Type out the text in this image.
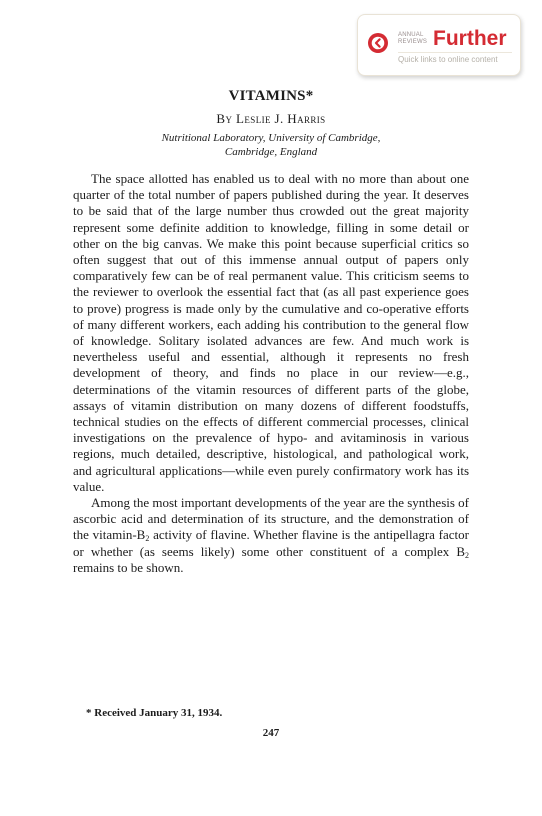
ANNUAL
REVIEWS Further
Quick links to online content
VITAMINS*
By Leslie J. Harris
Nutritional Laboratory, University of Cambridge,
Cambridge, England

The space allotted has enabled us to deal with no more than about one quarter of the total number of papers published during the year. It deserves to be said that of the large number thus crowded out the great majority represent some definite addition to knowledge, filling in some detail or other on the big canvas. We make this point because superficial critics so often suggest that out of this immense annual output of papers only comparatively few can be of real permanent value. This criticism seems to the reviewer to overlook the essential fact that (as all past experience goes to prove) progress is made only by the cumulative and co-operative efforts of many different workers, each adding his contribution to the general flow of knowledge. Solitary isolated advances are few. And much work is nevertheless useful and essential, although it represents no fresh development of theory, and finds no place in our review—e.g., determinations of the vitamin resources of different parts of the globe, assays of vitamin distribution on many dozens of different foodstuffs, technical studies on the effects of different commercial processes, clinical investigations on the prevalence of hypo- and avitaminosis in various regions, much detailed, descriptive, histological, and pathological work, and agricultural applications—while even purely confirmatory work has its value.

Among the most important developments of the year are the synthesis of ascorbic acid and determination of its structure, and the demonstration of the vitamin-$B_2$ activity of flavine. Whether flavine is the antipellagra factor or whether (as seems likely) some other constituent of a complex $B_2$ remains to be shown.

* Received January 31, 1934.
247
